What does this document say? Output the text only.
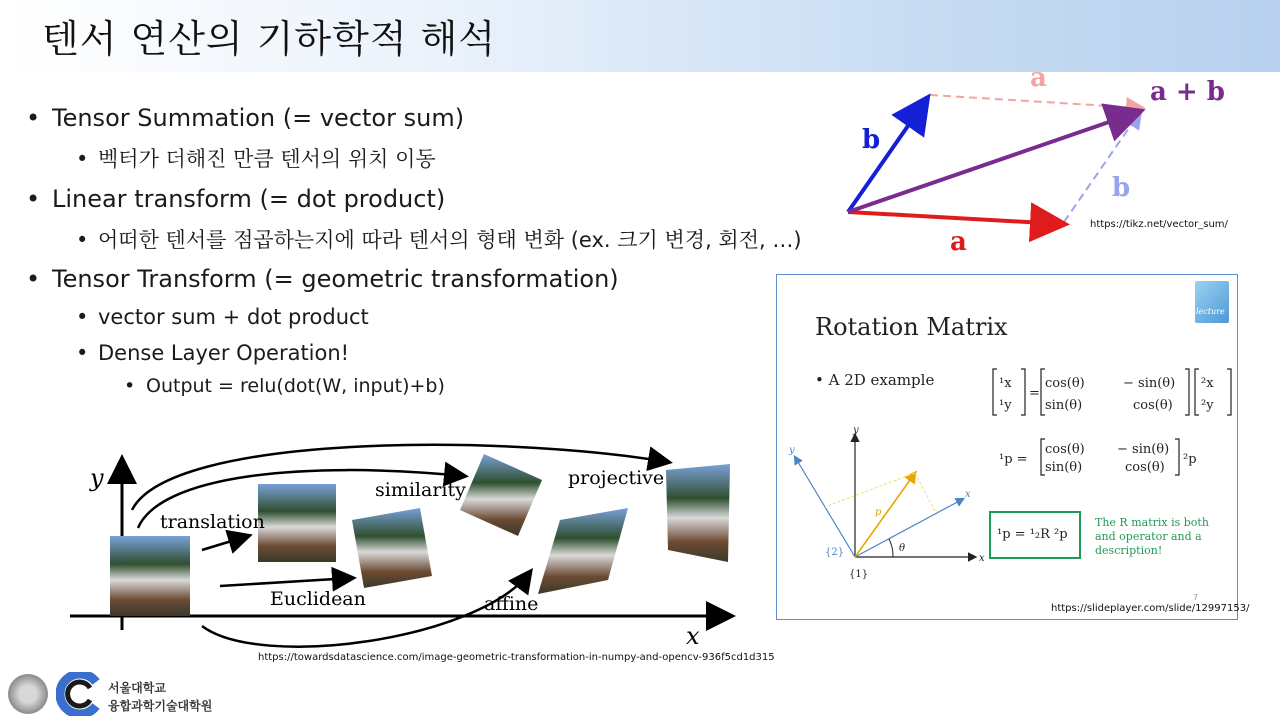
텐서 연산의 기하학적 해석
• Tensor Summation (= vector sum)
• 벡터가 더해진 만큼 텐서의 위치 이동
• Linear transform (= dot product)
• 어떠한 텐서를 점곱하는지에 따라 텐서의 형태 변화 (ex. 크기 변경, 회전, …)
• Tensor Transform (= geometric transformation)
• vector sum + dot product
• Dense Layer Operation!
• Output = relu(dot(W, input)+b)
a
b
a
b
a + b
https://tikz.net/vector_sum/
y
x
translation
Euclidean
similarity
affine
projective
https://towardsdatascience.com/image-geometric-transformation-in-numpy-and-opencv-936f5cd1d315
Rotation Matrix
• A 2D example
lecture
¹x
¹y
=
cos(θ)	− sin(θ)
sin(θ)	cos(θ)
²x
²y
¹p =
cos(θ) − sin(θ)
sin(θ)	cos(θ)
²p
¹p = ¹₂R ²p
The R matrix is both and operator and a description!
y
x
y
x
p
θ
{2}
{1}
7
https://slideplayer.com/slide/12997153/
서울대학교
융합과학기술대학원
